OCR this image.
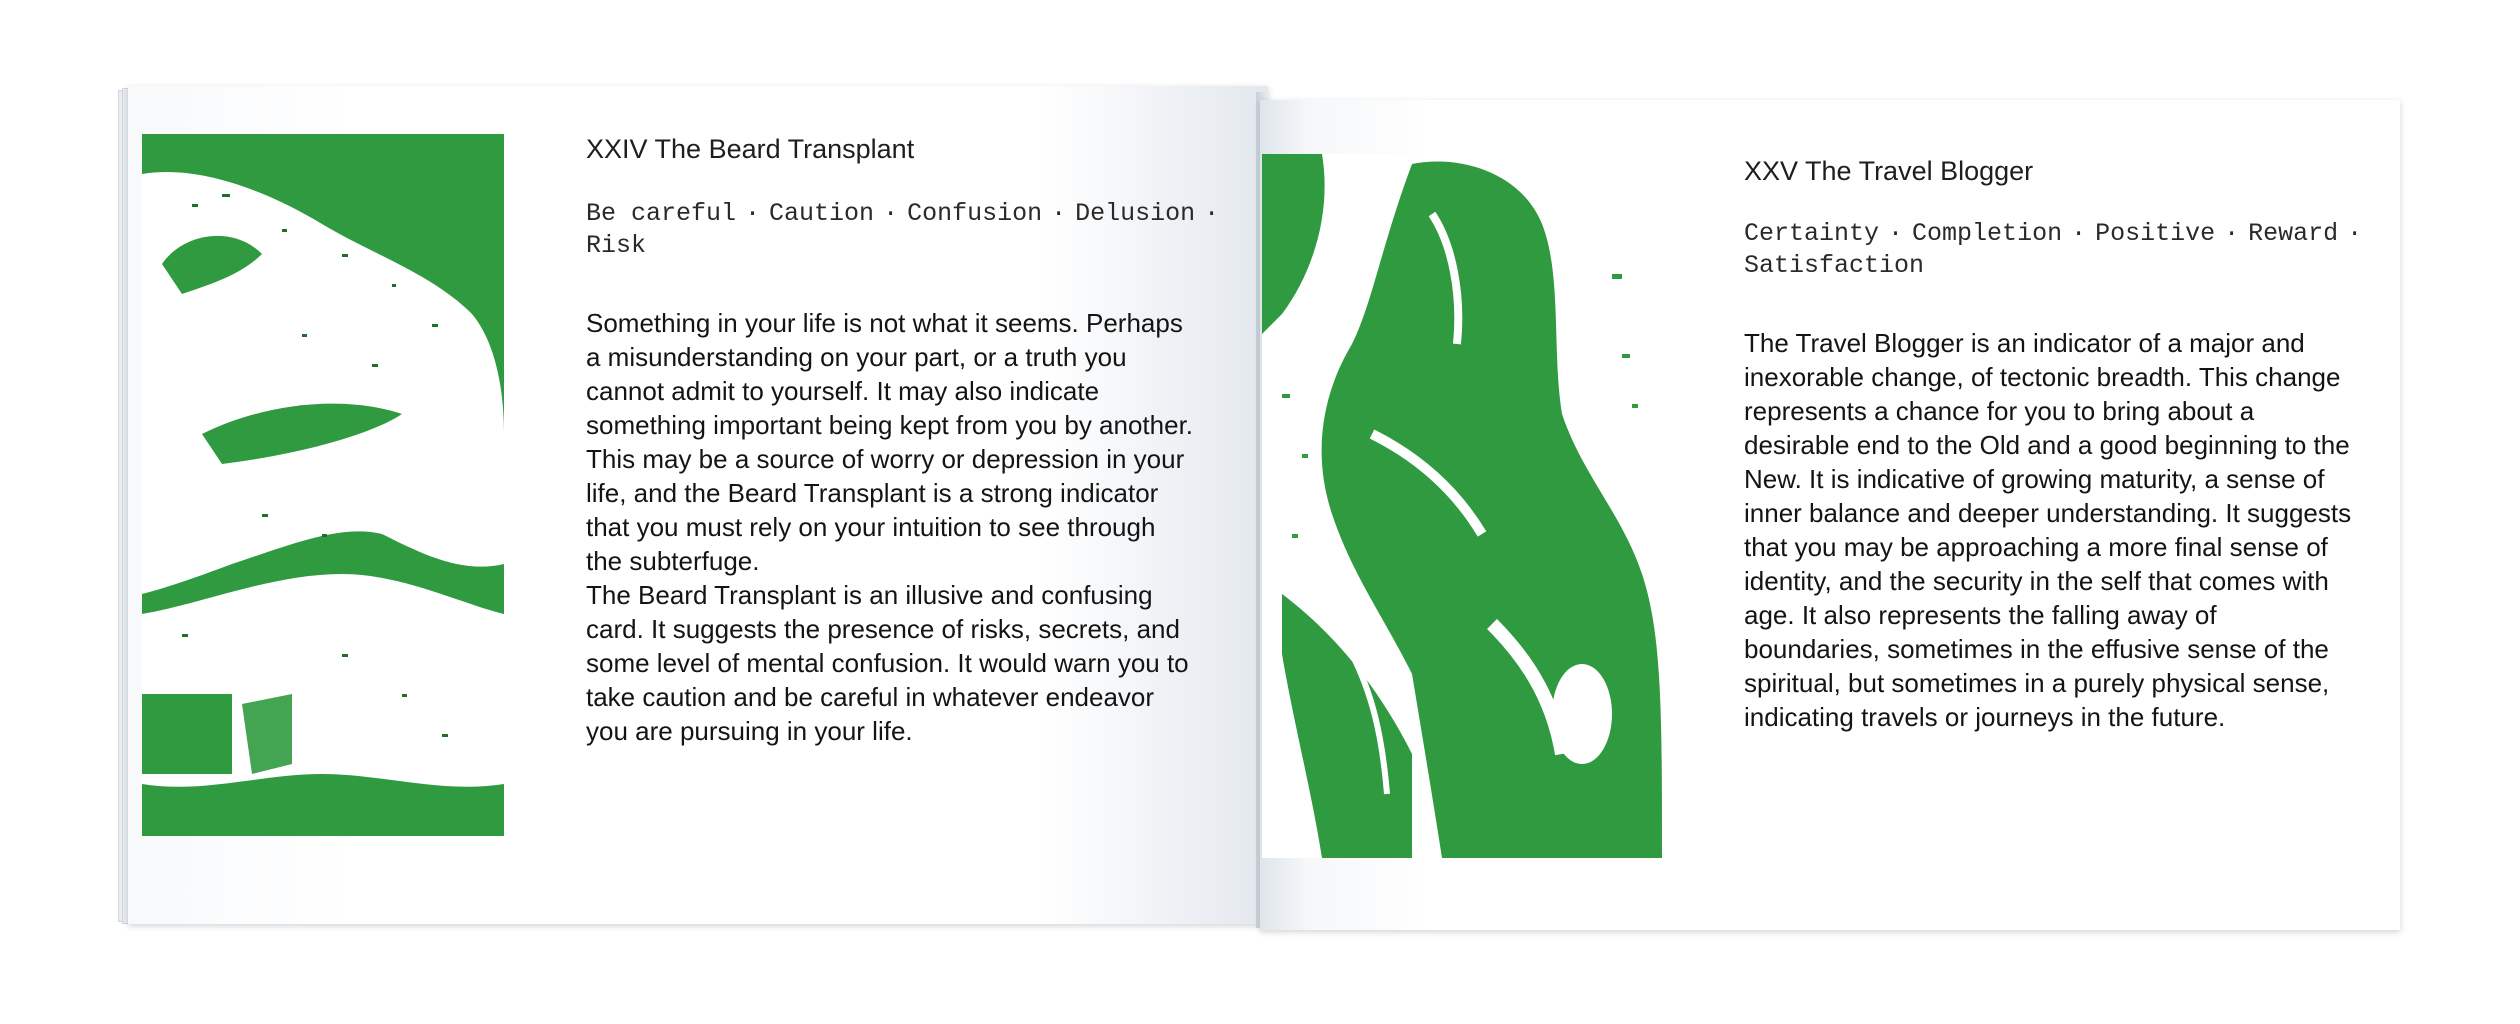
XXIV The Beard Transplant
Be careful · Caution · Confusion · Delusion · Risk

Something in your life is not what it seems. Perhaps a misunderstanding on your part, or a truth you cannot admit to yourself. It may also indicate something important being kept from you by another. This may be a source of worry or depression in your life, and the Beard Transplant is a strong indicator that you must rely on your intuition to see through the subterfuge.

The Beard Transplant is an illusive and confusing card. It suggests the presence of risks, secrets, and some level of mental confusion. It would warn you to take caution and be careful in whatever endeavor you are pursuing in your life.

XXV The Travel Blogger
Certainty · Completion · Positive · Reward · Satisfaction

The Travel Blogger is an indicator of a major and inexorable change, of tectonic breadth. This change represents a chance for you to bring about a desirable end to the Old and a good beginning to the New. It is indicative of growing maturity, a sense of inner balance and deeper understanding. It suggests that you may be approaching a more final sense of identity, and the security in the self that comes with age. It also represents the falling away of boundaries, sometimes in the effusive sense of the spiritual, but sometimes in a purely physical sense, indicating travels or journeys in the future.
